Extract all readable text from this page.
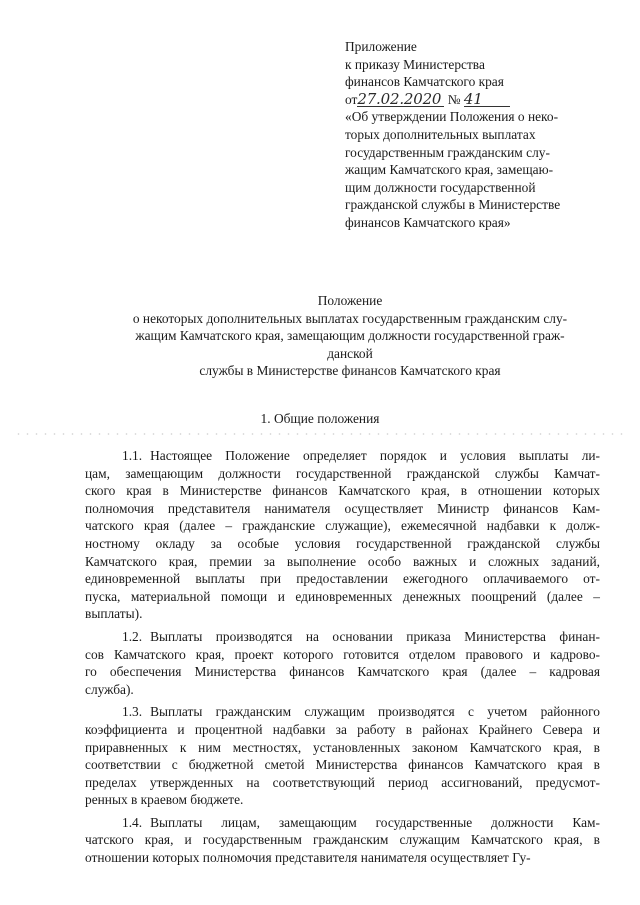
Приложение
к приказу Министерства
финансов Камчатского края
от27.02.2020 № 41
«Об утверждении Положения о неко-
торых дополнительных выплатах
государственным гражданским слу-
жащим Камчатского края, замещаю-
щим должности государственной
гражданской службы в Министерстве
финансов Камчатского края»
Положение
о некоторых дополнительных выплатах государственным гражданским слу-
жащим Камчатского края, замещающим должности государственной граж-
данской
службы в Министерстве финансов Камчатского края
1. Общие положения

1.1. Настоящее Положение определяет порядок и условия выплаты ли-

цам, замещающим должности государственной гражданской службы Камчат-

ского края в Министерстве финансов Камчатского края, в отношении которых

полномочия представителя нанимателя осуществляет Министр финансов Кам-

чатского края (далее – гражданские служащие), ежемесячной надбавки к долж-

ностному окладу за особые условия государственной гражданской службы

Камчатского края, премии за выполнение особо важных и сложных заданий,

единовременной выплаты при предоставлении ежегодного оплачиваемого от-

пуска, материальной помощи и единовременных денежных поощрений (далее –

выплаты).

1.2. Выплаты производятся на основании приказа Министерства финан-

сов Камчатского края, проект которого готовится отделом правового и кадрово-

го обеспечения Министерства финансов Камчатского края (далее – кадровая

служба).

1.3. Выплаты гражданским служащим производятся с учетом районного

коэффициента и процентной надбавки за работу в районах Крайнего Севера и

приравненных к ним местностях, установленных законом Камчатского края, в

соответствии с бюджетной сметой Министерства финансов Камчатского края в

пределах утвержденных на соответствующий период ассигнований, предусмот-

ренных в краевом бюджете.

1.4. Выплаты лицам, замещающим государственные должности Кам-

чатского края, и государственным гражданским служащим Камчатского края, в

отношении которых полномочия представителя нанимателя осуществляет Гу-
